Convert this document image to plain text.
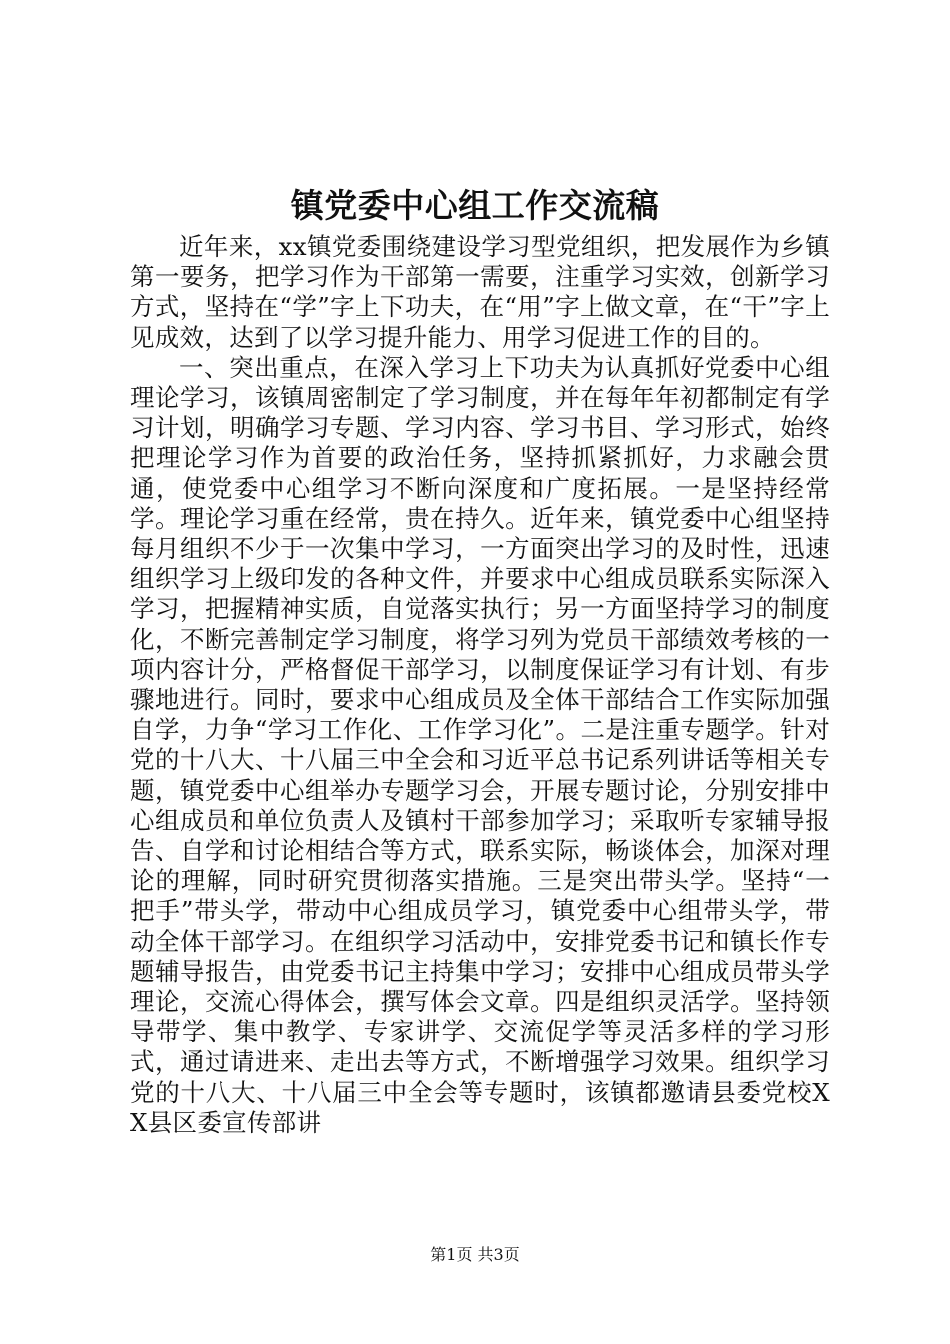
镇党委中心组工作交流稿

近年来，xx镇党委围绕建设学习型党组织，把发展作为乡镇第一要务，把学习作为干部第一需要，注重学习实效，创新学习方式，坚持在“学”字上下功夫，在“用”字上做文章，在“干”字上见成效，达到了以学习提升能力、用学习促进工作的目的。

一、突出重点，在深入学习上下功夫为认真抓好党委中心组理论学习，该镇周密制定了学习制度，并在每年年初都制定有学习计划，明确学习专题、学习内容、学习书目、学习形式，始终把理论学习作为首要的政治任务，坚持抓紧抓好，力求融会贯通，使党委中心组学习不断向深度和广度拓展。一是坚持经常学。理论学习重在经常，贵在持久。近年来，镇党委中心组坚持每月组织不少于一次集中学习，一方面突出学习的及时性，迅速组织学习上级印发的各种文件，并要求中心组成员联系实际深入学习，把握精神实质，自觉落实执行；另一方面坚持学习的制度化，不断完善制定学习制度，将学习列为党员干部绩效考核的一项内容计分，严格督促干部学习，以制度保证学习有计划、有步骤地进行。同时，要求中心组成员及全体干部结合工作实际加强自学，力争“学习工作化、工作学习化”。二是注重专题学。针对党的十八大、十八届三中全会和习近平总书记系列讲话等相关专题，镇党委中心组举办专题学习会，开展专题讨论，分别安排中心组成员和单位负责人及镇村干部参加学习；采取听专家辅导报告、自学和讨论相结合等方式，联系实际，畅谈体会，加深对理论的理解，同时研究贯彻落实措施。三是突出带头学。坚持“一把手”带头学，带动中心组成员学习，镇党委中心组带头学，带动全体干部学习。在组织学习活动中，安排党委书记和镇长作专题辅导报告，由党委书记主持集中学习；安排中心组成员带头学理论，交流心得体会，撰写体会文章。四是组织灵活学。坚持领导带学、集中教学、专家讲学、交流促学等灵活多样的学习形式，通过请进来、走出去等方式，不断增强学习效果。组织学习党的十八大、十八届三中全会等专题时，该镇都邀请县委党校XX县区委宣传部讲

第1页 共3页
